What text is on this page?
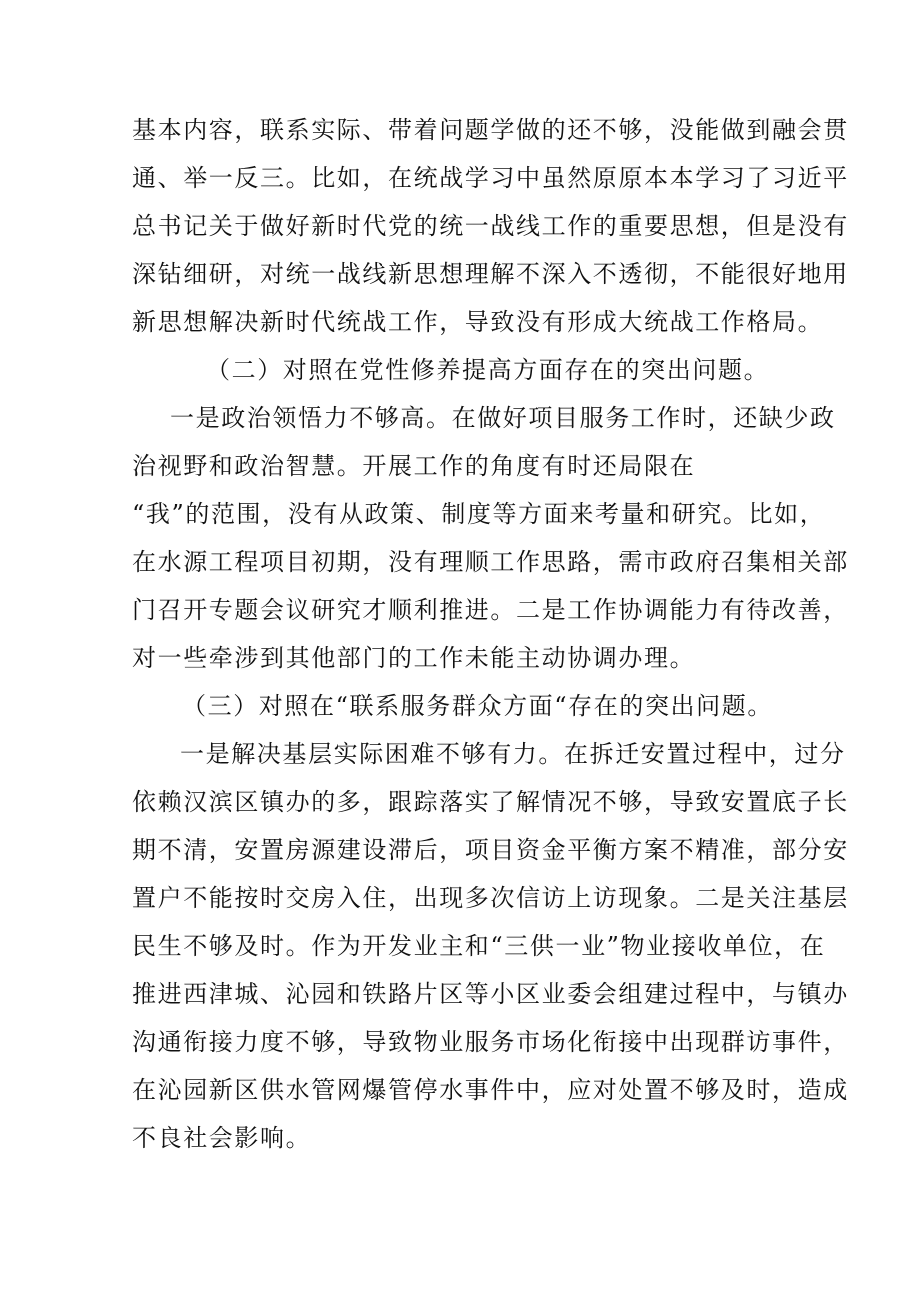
基本内容，联系实际、带着问题学做的还不够，没能做到融会贯
通、举一反三。比如，在统战学习中虽然原原本本学习了习近平
总书记关于做好新时代党的统一战线工作的重要思想，但是没有
深钻细研，对统一战线新思想理解不深入不透彻，不能很好地用
新思想解决新时代统战工作，导致没有形成大统战工作格局。
（二）对照在党性修养提高方面存在的突出问题。
一是政治领悟力不够高。在做好项目服务工作时，还缺少政
治视野和政治智慧。开展工作的角度有时还局限在
“我”的范围，没有从政策、制度等方面来考量和研究。比如，
在水源工程项目初期，没有理顺工作思路，需市政府召集相关部
门召开专题会议研究才顺利推进。二是工作协调能力有待改善，
对一些牵涉到其他部门的工作未能主动协调办理。
（三）对照在“联系服务群众方面“存在的突出问题。
一是解决基层实际困难不够有力。在拆迁安置过程中，过分
依赖汉滨区镇办的多，跟踪落实了解情况不够，导致安置底子长
期不清，安置房源建设滞后，项目资金平衡方案不精准，部分安
置户不能按时交房入住，出现多次信访上访现象。二是关注基层
民生不够及时。作为开发业主和“三供一业”物业接收单位，在
推进西津城、沁园和铁路片区等小区业委会组建过程中，与镇办
沟通衔接力度不够，导致物业服务市场化衔接中出现群访事件，
在沁园新区供水管网爆管停水事件中，应对处置不够及时，造成
不良社会影响。
